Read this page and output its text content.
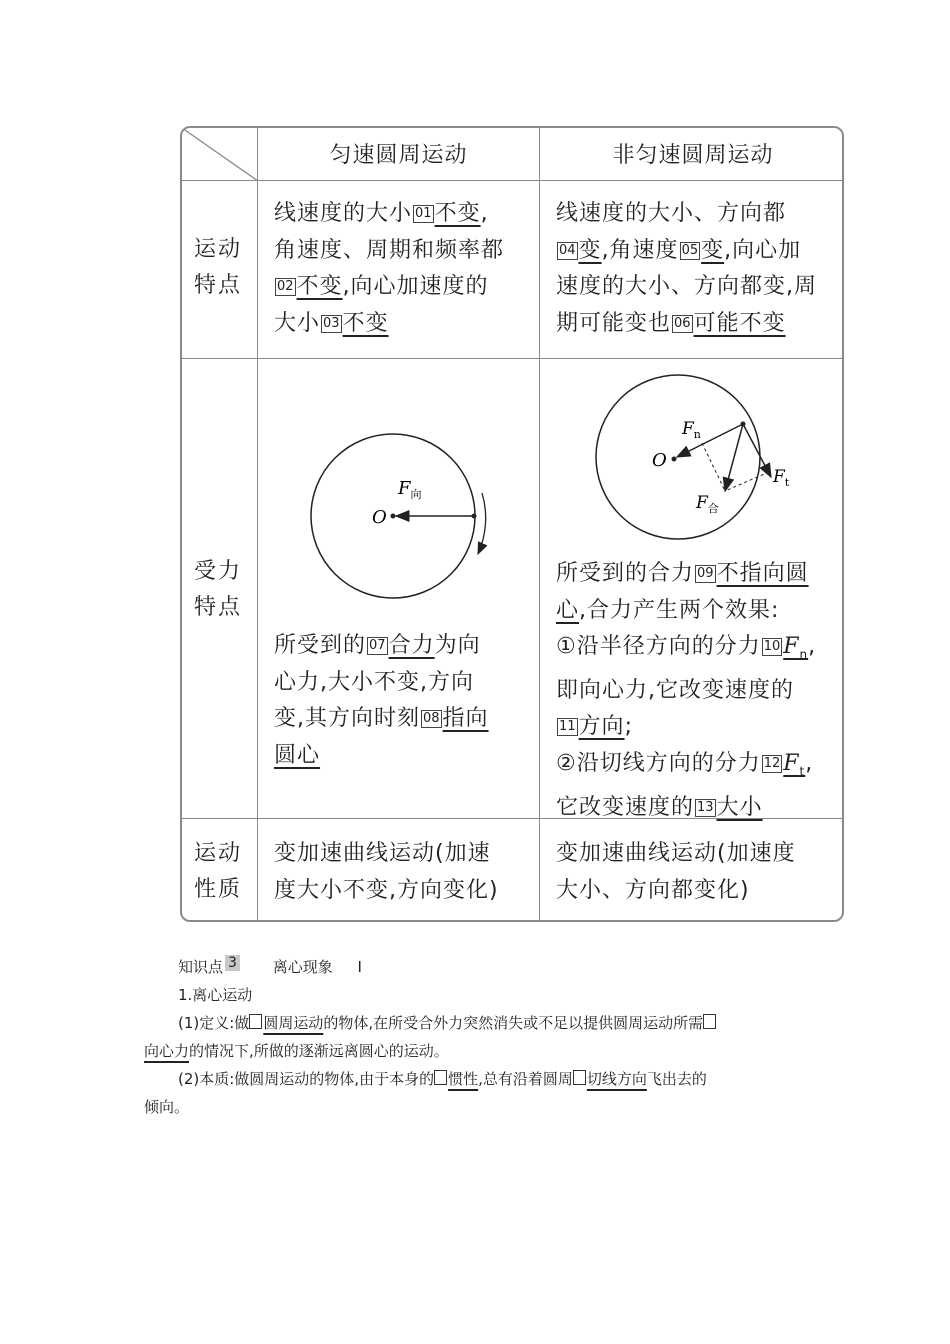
匀速圆周运动	非匀速圆周运动
运动
特点
线速度的大小 01 不变,
角速度、周期和频率都
02 不变,向心加速度的
大小 03 不变
线速度的大小、方向都
04 变,角速度 05 变,向心加
速度的大小、方向都变,周
期可能变也 06 可能不变
受力
特点
O
$F_向$
所受到的 07 合力为向
心力,大小不变,方向
变,其方向时刻 08 指向
圆心
O
$F_n$
$F_t$
$F_合$
所受到的合力 09 不指向圆
心,合力产生两个效果:
①沿半径方向的分力 10 $F_n$,
即向心力,它改变速度的
11 方向;
②沿切线方向的分力 12 $F_t$,
它改变速度的 13 大小
运动
性质
变加速曲线运动(加速
度大小不变,方向变化)
变加速曲线运动(加速度
大小、方向都变化)
知识点 3 离心现象 Ⅰ
1.离心运动
(1)定义:做 圆周运动的物体,在所受合外力突然消失或不足以提供圆周运动所需
向心力的情况下,所做的逐渐远离圆心的运动。
(2)本质:做圆周运动的物体,由于本身的 惯性,总有沿着圆周 切线方向飞出去的
倾向。
